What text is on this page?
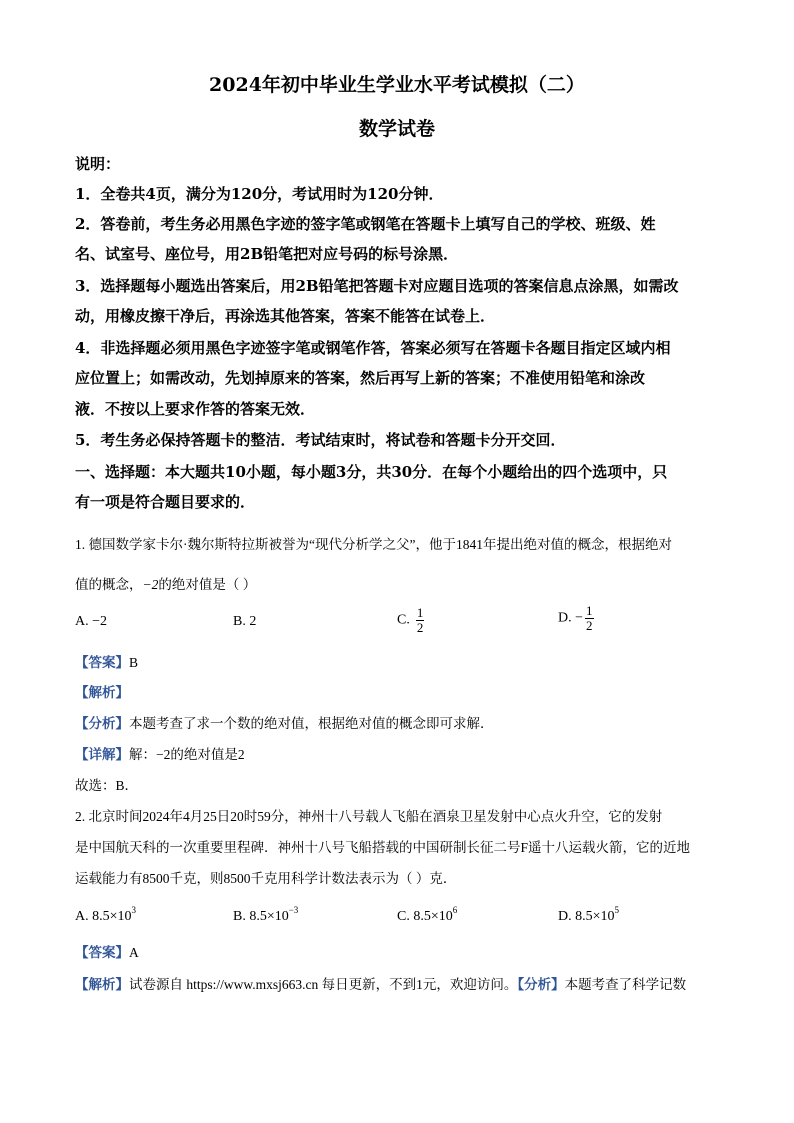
2024年初中毕业生学业水平考试模拟（二）
数学试卷
说明：
1．全卷共4页，满分为120分，考试用时为120分钟．
2．答卷前，考生务必用黑色字迹的签字笔或钢笔在答题卡上填写自己的学校、班级、姓
名、试室号、座位号，用2B铅笔把对应号码的标号涂黑．
3．选择题每小题选出答案后，用2B铅笔把答题卡对应题目选项的答案信息点涂黑，如需改
动，用橡皮擦干净后，再涂选其他答案，答案不能答在试卷上．
4．非选择题必须用黑色字迹签字笔或钢笔作答，答案必须写在答题卡各题目指定区域内相
应位置上；如需改动，先划掉原来的答案，然后再写上新的答案；不准使用铅笔和涂改
液．不按以上要求作答的答案无效．
5．考生务必保持答题卡的整洁．考试结束时，将试卷和答题卡分开交回．
一、选择题：本大题共10小题，每小题3分，共30分．在每个小题给出的四个选项中，只
有一项是符合题目要求的．
1. 德国数学家卡尔·魏尔斯特拉斯被誉为“现代分析学之父”，他于1841年提出绝对值的概念，根据绝对
值的概念，−2的绝对值是（ ）
A. −2	B. 2	C. $\frac{1}{2}$	D. − $\frac{1}{2}$
【答案】B
【解析】
【分析】本题考查了求一个数的绝对值，根据绝对值的概念即可求解．
【详解】解：−2的绝对值是2
故选：B．
2. 北京时间2024年4月25日20时59分，神州十八号载人飞船在酒泉卫星发射中心点火升空，它的发射
是中国航天科的一次重要里程碑．神州十八号飞船搭载的中国研制长征二号F遥十八运载火箭，它的近地
运载能力有8500千克，则8500千克用科学计数法表示为（ ）克．
A. $8.5\times 10^3$	B. $8.5\times 10^{-3}$	C. $8.5\times 10^6$	D. $8.5\times 10^5$
【答案】A
【解析】试卷源自 https://www.mxsj663.cn 每日更新，不到1元，欢迎访问。【分析】本题考查了科学记数
